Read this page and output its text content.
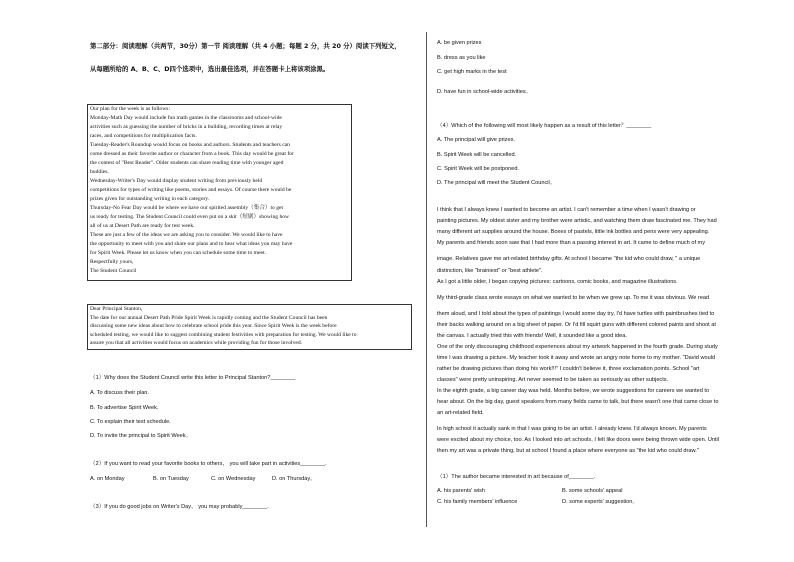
第二部分：阅读理解（共两节，30分）第一节 阅读理解（共 4 小题；每题 2 分，共 20 分）阅读下列短文，
从每题所给的 A、B、C、D四个选项中，选出最佳选项，并在答题卡上将该项涂黑。
Our plan for the week is as follows:
Monday-Math Day would include fun math games in the classrooms and school-wide
activities such as guessing the number of bricks in a building, recording times at relay
races, and competitions for multiplication facts.
Tuesday-Reader's Roundup would focus on books and authors. Students and teachers can
come dressed as their favorite author or character from a book. This day would be great for
the contest of "Best Reader". Older students can share reading time with younger aged
buddies.
Wednesday-Writer's Day would display student writing from previously held
competitions for types of writing like poems, stories and essays. Of course there would be
prizes given for outstanding writing in each category.
Thursday-No Fear Day would be where we have our spirited assembly（集合）to get
us ready for testing. The Student Council could even put on a skit（短剧）showing how
all of us at Desert Path are ready for test week.
These are just a few of the ideas we are asking you to consider. We would like to have
the opportunity to meet with you and share our plans and to hear what ideas you may have
for Spirit Week. Please let us know when you can schedule some time to meet.
Respectfully yours,
The Student Council
Dear Principal Stanton,
The date for our annual Desert Path Pride Spirit Week is rapidly coming and the Student Council has been
discussing some new ideas about how to celebrate school pride this year. Since Spirit Week is the week before
scheduled testing, we would like to suggest combining student festivities with preparation for testing. We would like to
assure you that all activities would focus on academics while providing fun for those involved.
（1）Why does the Student Council write this letter to Principal Stanton?________
A. To discuss their plan.
B. To advertise Spirit Week.
C. To explain their test schedule.
D. To invite the principal to Spirit Week。
（2）If you want to read your favorite books to others， you will take part in activities________.
A. on Monday	B. on Tuesday	C. on Wednesday	D. on Thursday。
（3）If you do good jobs on Writer's Day， you may probably________.
A. be given prizes
B. dress as you like
C. get high marks in the test
D. have fun in school-wide activities。
（4）Which of the following will most likely happen as a result of this letter？________
A. The principal will give prizes.
B. Spirit Week will be cancelled.
C. Spirit Week will be postponed.
D. The principal will meet the Student Council。
I think that I always knew I wanted to become an artist. I can't remember a time when I wasn't drawing or
painting pictures. My oldest sister and my brother were artistic, and watching them draw fascinated me. They had
many different art supplies around the house. Boxes of pastels, little ink bottles and pens were very appealing.
My parents and friends soon saw that I had more than a passing interest in art. It came to define much of my
image. Relatives gave me art-related birthday gifts. At school I became "the kid who could draw, " a unique
distinction, like "brainiest" or "best athlete".
As I got a little older, I began copying pictures: cartoons, comic books, and magazine illustrations.
My third-grade class wrote essays on what we wanted to be when we grew up. To me it was obvious. We read
them aloud, and I told about the types of paintings I would some day try, I'd have turtles with paintbrushes tied to
their backs walking around on a big sheet of paper. Or I'd fill squirt guns with different colored paints and shoot at
the canvas. I actually tried this with friends! Well, it sounded like a good idea.
One of the only discouraging childhood experiences about my artwork happened in the fourth grade. During study
time I was drawing a picture. My teacher took it away and wrote an angry note home to my mother. "David would
rather be drawing pictures than doing his work!!!" I couldn't believe it, three exclamation points. School "art
classes" were pretty uninspiring. Art never seemed to be taken as seriously as other subjects.
In the eighth grade, a big career day was held. Months before, we wrote suggestions for careers we wanted to
hear about. On the big day, guest speakers from many fields came to talk, but there wasn't one that came close to
an art-related field.
In high school it actually sank in that I was going to be an artist. I already knew. I'd always known. My parents
were excited about my choice, too. As I looked into art schools, I felt like doors were being thrown wide open. Until
then my art was a private thing, but at school I found a place where everyone as "the kid who could draw."
（1）The author became interested in art because of________.
A. his parents' wish	B. some schools' appeal
C. his family members' influence	D. some experts' suggestion。
